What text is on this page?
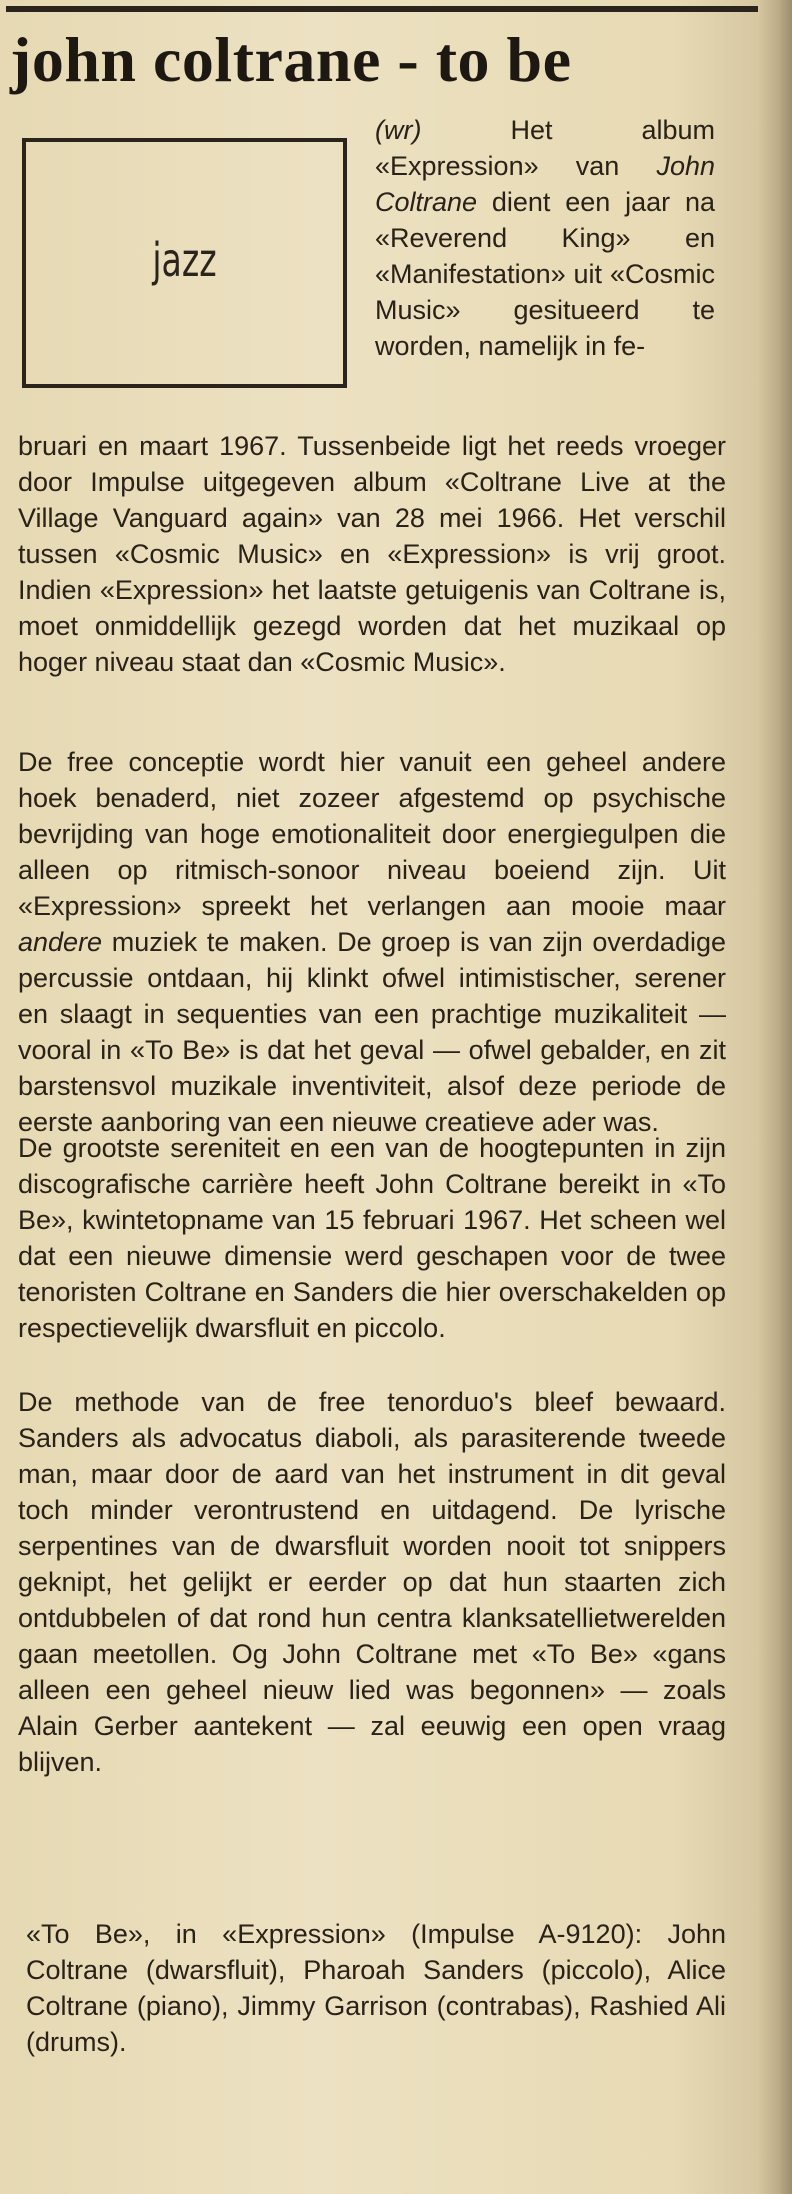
john coltrane - to be
jazz

(wr) Het album «Expression» van John Coltrane dient een jaar na «Reverend King» en «Manifestation» uit «Cosmic Music» gesitueerd te worden, namelijk in fe-

bruari en maart 1967. Tussenbeide ligt het reeds vroeger door Impulse uitgegeven album «Coltrane Live at the Village Vanguard again» van 28 mei 1966. Het verschil tussen «Cosmic Music» en «Expression» is vrij groot. Indien «Expression» het laatste getuigenis van Coltrane is, moet onmiddellijk gezegd worden dat het muzikaal op hoger niveau staat dan «Cosmic Music».

De free conceptie wordt hier vanuit een geheel andere hoek benaderd, niet zozeer afgestemd op psychische bevrijding van hoge emotionaliteit door energiegulpen die alleen op ritmisch-sonoor niveau boeiend zijn. Uit «Expression» spreekt het verlangen aan mooie maar andere muziek te maken. De groep is van zijn overdadige percussie ontdaan, hij klinkt ofwel intimistischer, serener en slaagt in sequenties van een prachtige muzikaliteit — vooral in «To Be» is dat het geval — ofwel gebalder, en zit barstensvol muzikale inventiviteit, alsof deze periode de eerste aanboring van een nieuwe creatieve ader was.

De grootste sereniteit en een van de hoogtepunten in zijn discografische carrière heeft John Coltrane bereikt in «To Be», kwintetopname van 15 februari 1967. Het scheen wel dat een nieuwe dimensie werd geschapen voor de twee tenoristen Coltrane en Sanders die hier overschakelden op respectievelijk dwarsfluit en piccolo.

De methode van de free tenorduo's bleef bewaard. Sanders als advocatus diaboli, als parasiterende tweede man, maar door de aard van het instrument in dit geval toch minder verontrustend en uitdagend. De lyrische serpentines van de dwarsfluit worden nooit tot snippers geknipt, het gelijkt er eerder op dat hun staarten zich ontdubbelen of dat rond hun centra klanksatellietwerelden gaan meetollen. Og John Coltrane met «To Be» «gans alleen een geheel nieuw lied was begonnen» — zoals Alain Gerber aantekent — zal eeuwig een open vraag blijven.

«To Be», in «Expression» (Impulse A-9120): John Coltrane (dwarsfluit), Pharoah Sanders (piccolo), Alice Coltrane (piano), Jimmy Garrison (contrabas), Rashied Ali (drums).
